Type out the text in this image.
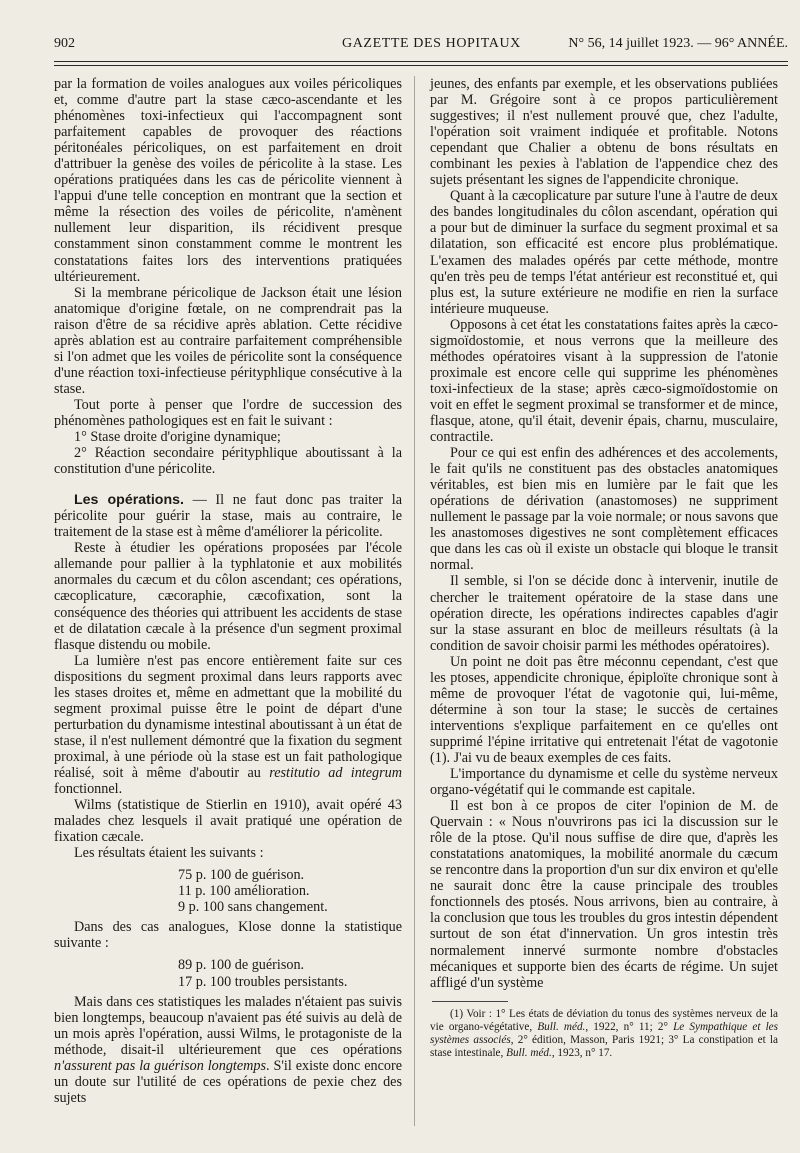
902	GAZETTE DES HOPITAUX	N° 56, 14 juillet 1923. — 96° ANNÉE.

par la formation de voiles analogues aux voiles péricoliques et, comme d'autre part la stase cæco-ascendante et les phénomènes toxi-infectieux qui l'accompagnent sont parfaitement capables de provoquer des réactions péritonéales péricoliques, on est parfaitement en droit d'attribuer la genèse des voiles de péricolite à la stase. Les opérations pratiquées dans les cas de péricolite viennent à l'appui d'une telle conception en montrant que la section et même la résection des voiles de péricolite, n'amènent nullement leur disparition, ils récidivent presque constamment sinon constamment comme le montrent les constatations faites lors des interventions pratiquées ultérieurement.

Si la membrane péricolique de Jackson était une lésion anatomique d'origine fœtale, on ne comprendrait pas la raison d'être de sa récidive après ablation. Cette récidive après ablation est au contraire parfaitement compréhensible si l'on admet que les voiles de péricolite sont la conséquence d'une réaction toxi-infectieuse pérityphlique consécutive à la stase.

Tout porte à penser que l'ordre de succession des phénomènes pathologiques est en fait le suivant :

1° Stase droite d'origine dynamique;

2° Réaction secondaire pérityphlique aboutissant à la constitution d'une péricolite.

Les opérations. — Il ne faut donc pas traiter la péricolite pour guérir la stase, mais au contraire, le traitement de la stase est à même d'améliorer la péricolite.

Reste à étudier les opérations proposées par l'école allemande pour pallier à la typhlatonie et aux mobilités anormales du cæcum et du côlon ascendant; ces opérations, cæcoplicature, cæcoraphie, cæcofixation, sont la conséquence des théories qui attribuent les accidents de stase et de dilatation cæcale à la présence d'un segment proximal flasque distendu ou mobile.

La lumière n'est pas encore entièrement faite sur ces dispositions du segment proximal dans leurs rapports avec les stases droites et, même en admettant que la mobilité du segment proximal puisse être le point de départ d'une perturbation du dynamisme intestinal aboutissant à un état de stase, il n'est nullement démontré que la fixation du segment proximal, à une période où la stase est un fait pathologique réalisé, soit à même d'aboutir au restitutio ad integrum fonctionnel.

Wilms (statistique de Stierlin en 1910), avait opéré 43 malades chez lesquels il avait pratiqué une opération de fixation cæcale.

Les résultats étaient les suivants :

75 p. 100 de guérison.

11 p. 100 amélioration.

9 p. 100 sans changement.

Dans des cas analogues, Klose donne la statistique suivante :

89 p. 100 de guérison.

17 p. 100 troubles persistants.

Mais dans ces statistiques les malades n'étaient pas suivis bien longtemps, beaucoup n'avaient pas été suivis au delà de un mois après l'opération, aussi Wilms, le protagoniste de la méthode, disait-il ultérieurement que ces opérations n'assurent pas la guérison longtemps. S'il existe donc encore un doute sur l'utilité de ces opérations de pexie chez des sujets

jeunes, des enfants par exemple, et les observations publiées par M. Grégoire sont à ce propos particulièrement suggestives; il n'est nullement prouvé que, chez l'adulte, l'opération soit vraiment indiquée et profitable. Notons cependant que Chalier a obtenu de bons résultats en combinant les pexies à l'ablation de l'appendice chez des sujets présentant les signes de l'appendicite chronique.

Quant à la cæcoplicature par suture l'une à l'autre de deux des bandes longitudinales du côlon ascendant, opération qui a pour but de diminuer la surface du segment proximal et sa dilatation, son efficacité est encore plus problématique. L'examen des malades opérés par cette méthode, montre qu'en très peu de temps l'état antérieur est reconstitué et, qui plus est, la suture extérieure ne modifie en rien la surface intérieure muqueuse.

Opposons à cet état les constatations faites après la cæco-sigmoïdostomie, et nous verrons que la meilleure des méthodes opératoires visant à la suppression de l'atonie proximale est encore celle qui supprime les phénomènes toxi-infectieux de la stase; après cæco-sigmoïdostomie on voit en effet le segment proximal se transformer et de mince, flasque, atone, qu'il était, devenir épais, charnu, musculaire, contractile.

Pour ce qui est enfin des adhérences et des accolements, le fait qu'ils ne constituent pas des obstacles anatomiques véritables, est bien mis en lumière par le fait que les opérations de dérivation (anastomoses) ne suppriment nullement le passage par la voie normale; or nous savons que les anastomoses digestives ne sont complètement efficaces que dans les cas où il existe un obstacle qui bloque le transit normal.

Il semble, si l'on se décide donc à intervenir, inutile de chercher le traitement opératoire de la stase dans une opération directe, les opérations indirectes capables d'agir sur la stase assurant en bloc de meilleurs résultats (à la condition de savoir choisir parmi les méthodes opératoires).

Un point ne doit pas être méconnu cependant, c'est que les ptoses, appendicite chronique, épiploïte chronique sont à même de provoquer l'état de vagotonie qui, lui-même, détermine à son tour la stase; le succès de certaines interventions s'explique parfaitement en ce qu'elles ont supprimé l'épine irritative qui entretenait l'état de vagotonie (1). J'ai vu de beaux exemples de ces faits.

L'importance du dynamisme et celle du système nerveux organo-végétatif qui le commande est capitale.

Il est bon à ce propos de citer l'opinion de M. de Quervain : « Nous n'ouvrirons pas ici la discussion sur le rôle de la ptose. Qu'il nous suffise de dire que, d'après les constatations anatomiques, la mobilité anormale du cæcum se rencontre dans la proportion d'un sur dix environ et qu'elle ne saurait donc être la cause principale des troubles fonctionnels des ptosés. Nous arrivons, bien au contraire, à la conclusion que tous les troubles du gros intestin dépendent surtout de son état d'innervation. Un gros intestin très normalement innervé surmonte nombre d'obstacles mécaniques et supporte bien des écarts de régime. Un sujet affligé d'un système

(1) Voir : 1° Les états de déviation du tonus des systèmes nerveux de la vie organo-végétative, Bull. méd., 1922, n° 11; 2° Le Sympathique et les systèmes associés, 2° édition, Masson, Paris 1921; 3° La constipation et la stase intestinale, Bull. méd., 1923, n° 17.
